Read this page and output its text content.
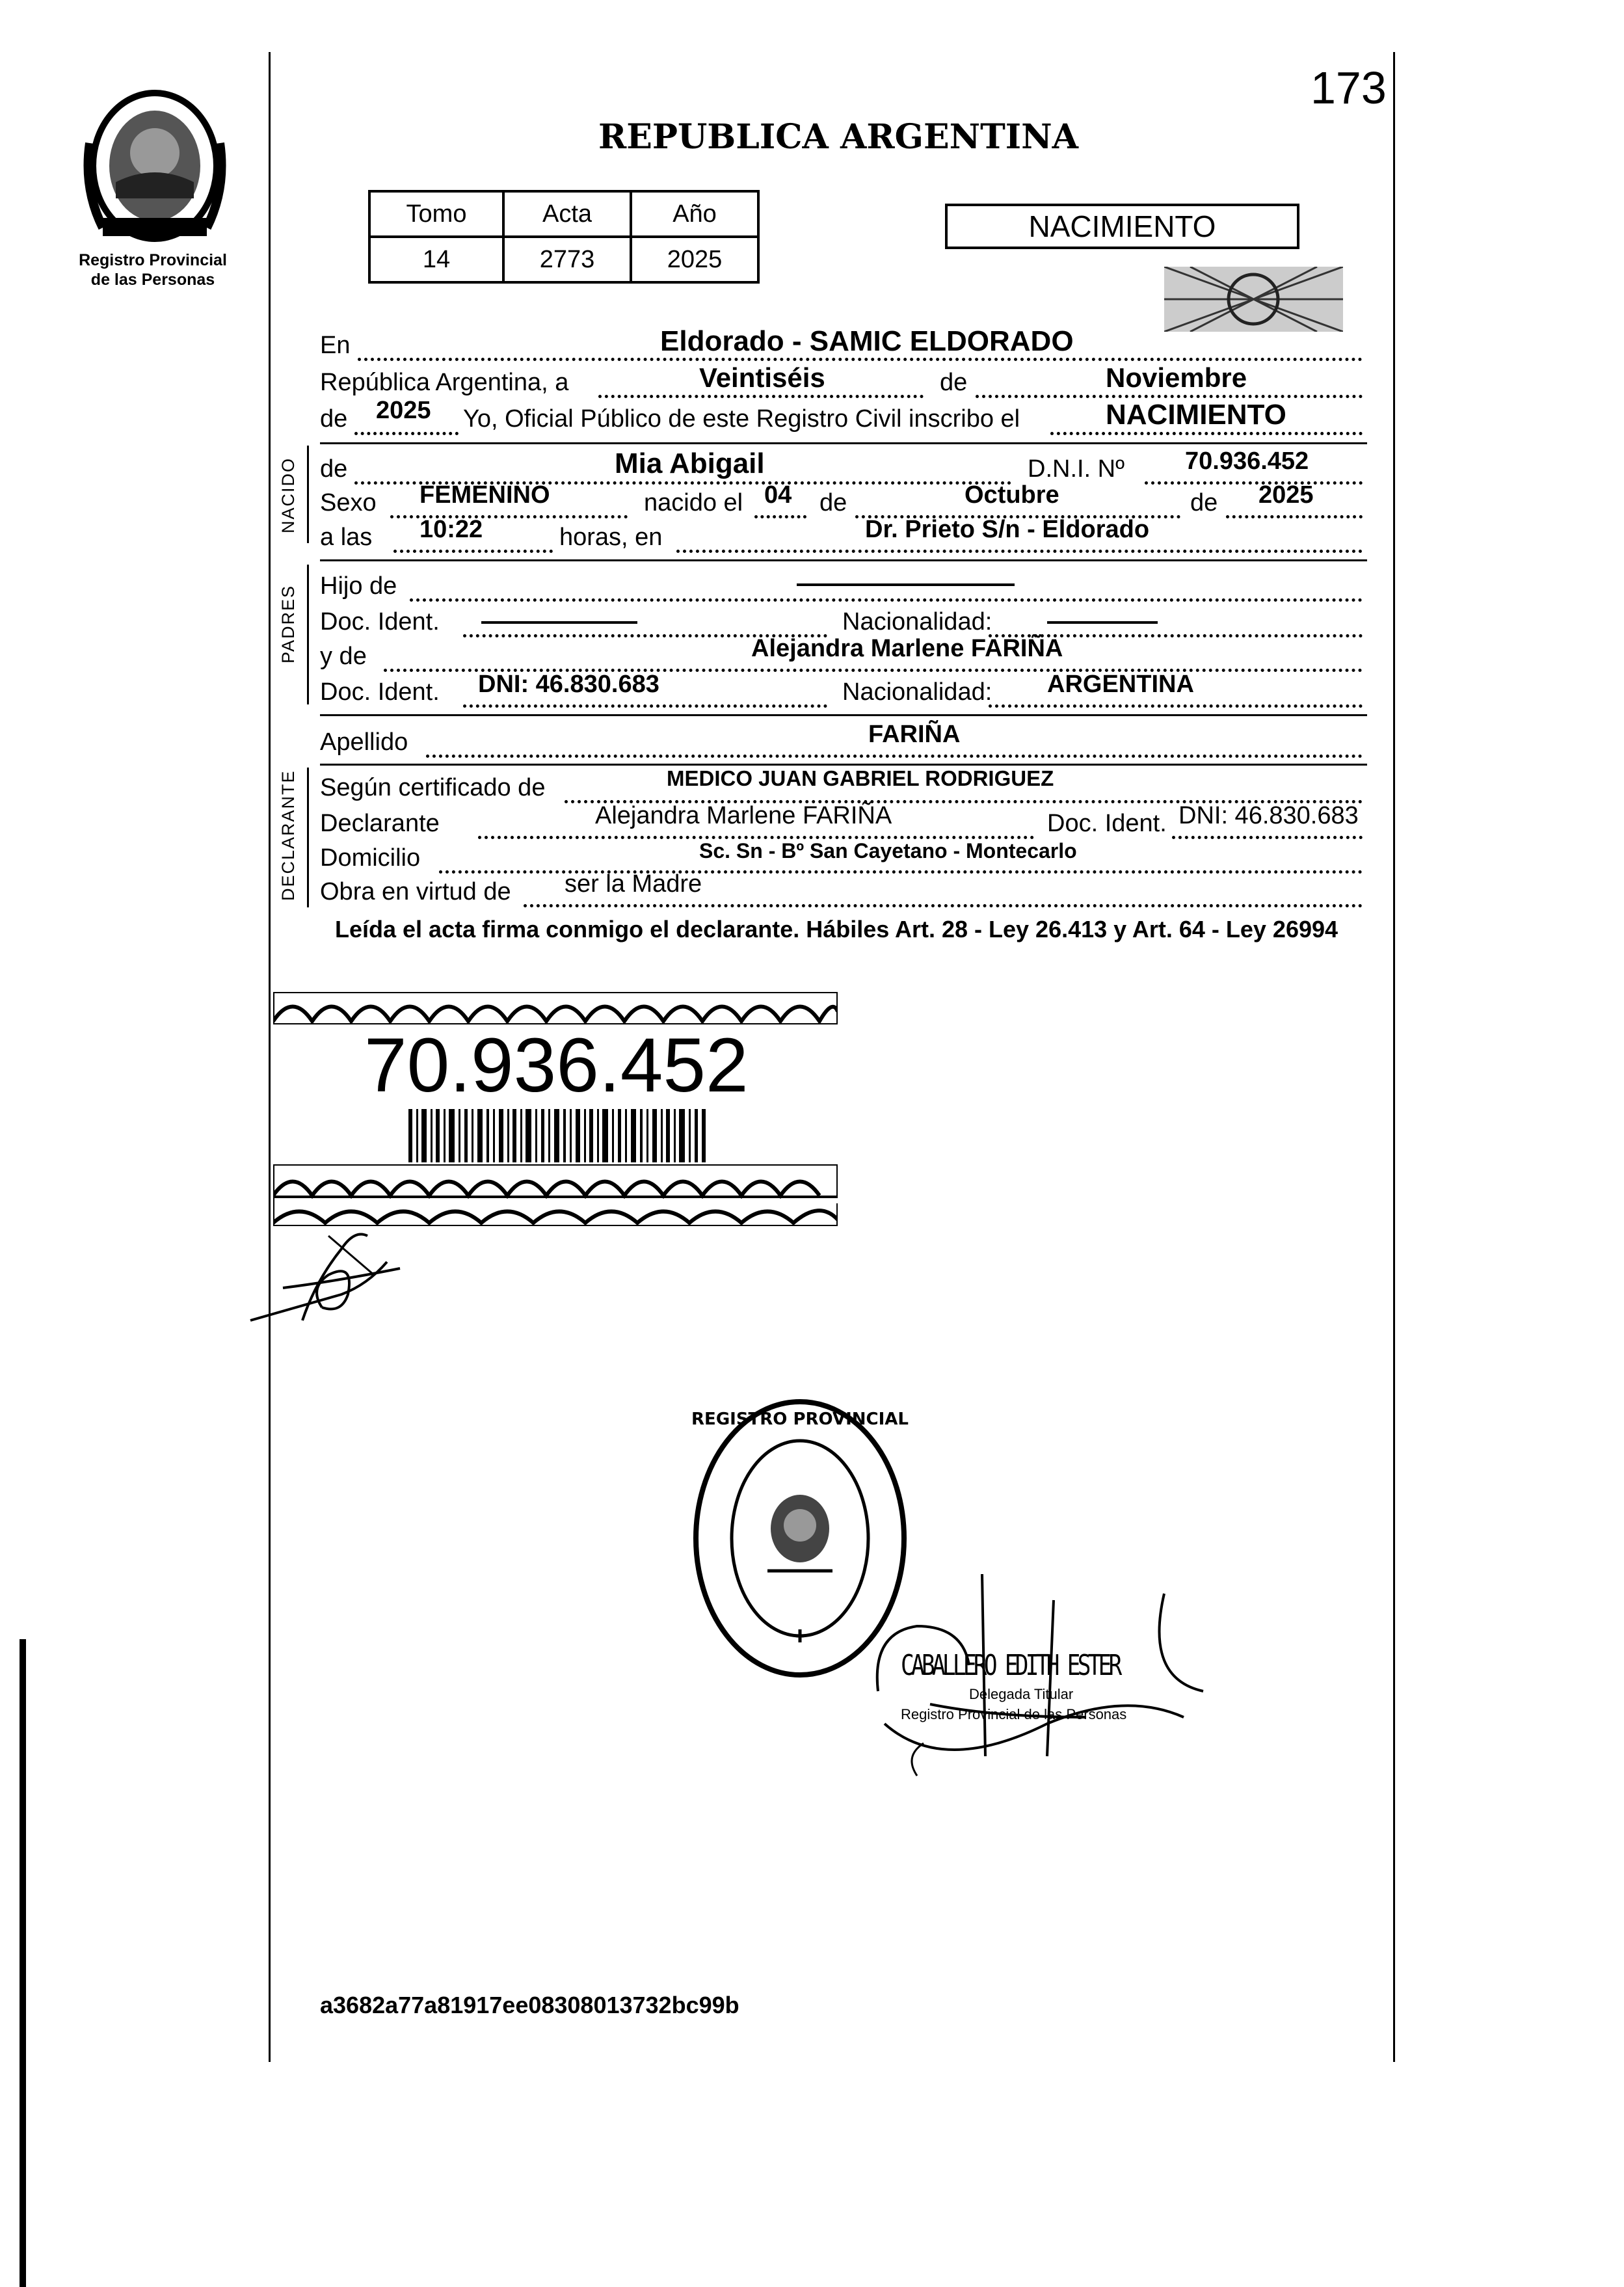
Registro Provincial de las Personas
173
REPUBLICA ARGENTINA
Tomo	Acta	Año
14	2773	2025
NACIMIENTO
En	Eldorado - SAMIC ELDORADO
República Argentina, a	Veintiséis	de	Noviembre
de 2025 Yo, Oficial Público de este Registro Civil inscribo el	NACIMIENTO
NACIDO de	Mia Abigail	D.N.I. Nº 70.936.452
Sexo FEMENINO	nacido el 04 de	Octubre	de 2025
a las 10:22	horas, en	Dr. Prieto S/n - Eldorado
PADRES Hijo de
Doc. Ident.	Nacionalidad:
y de	Alejandra Marlene FARIÑA
Doc. Ident. DNI: 46.830.683	Nacionalidad: ARGENTINA
Apellido	FARIÑA
DECLARANTE Según certificado de	MEDICO JUAN GABRIEL RODRIGUEZ
Declarante	Alejandra Marlene FARIÑA	Doc. Ident. DNI: 46.830.683
Domicilio	Sc. Sn - Bº San Cayetano - Montecarlo
Obra en virtud de ser la Madre
Leída el acta firma conmigo el declarante. Hábiles Art. 28 - Ley 26.413 y Art. 64 - Ley 26994
70.936.452
REGISTRO PROVINCIAL
CABALLERO EDITH ESTER
Delegada Titular
Registro Provincial de las Personas
a3682a77a81917ee08308013732bc99b
